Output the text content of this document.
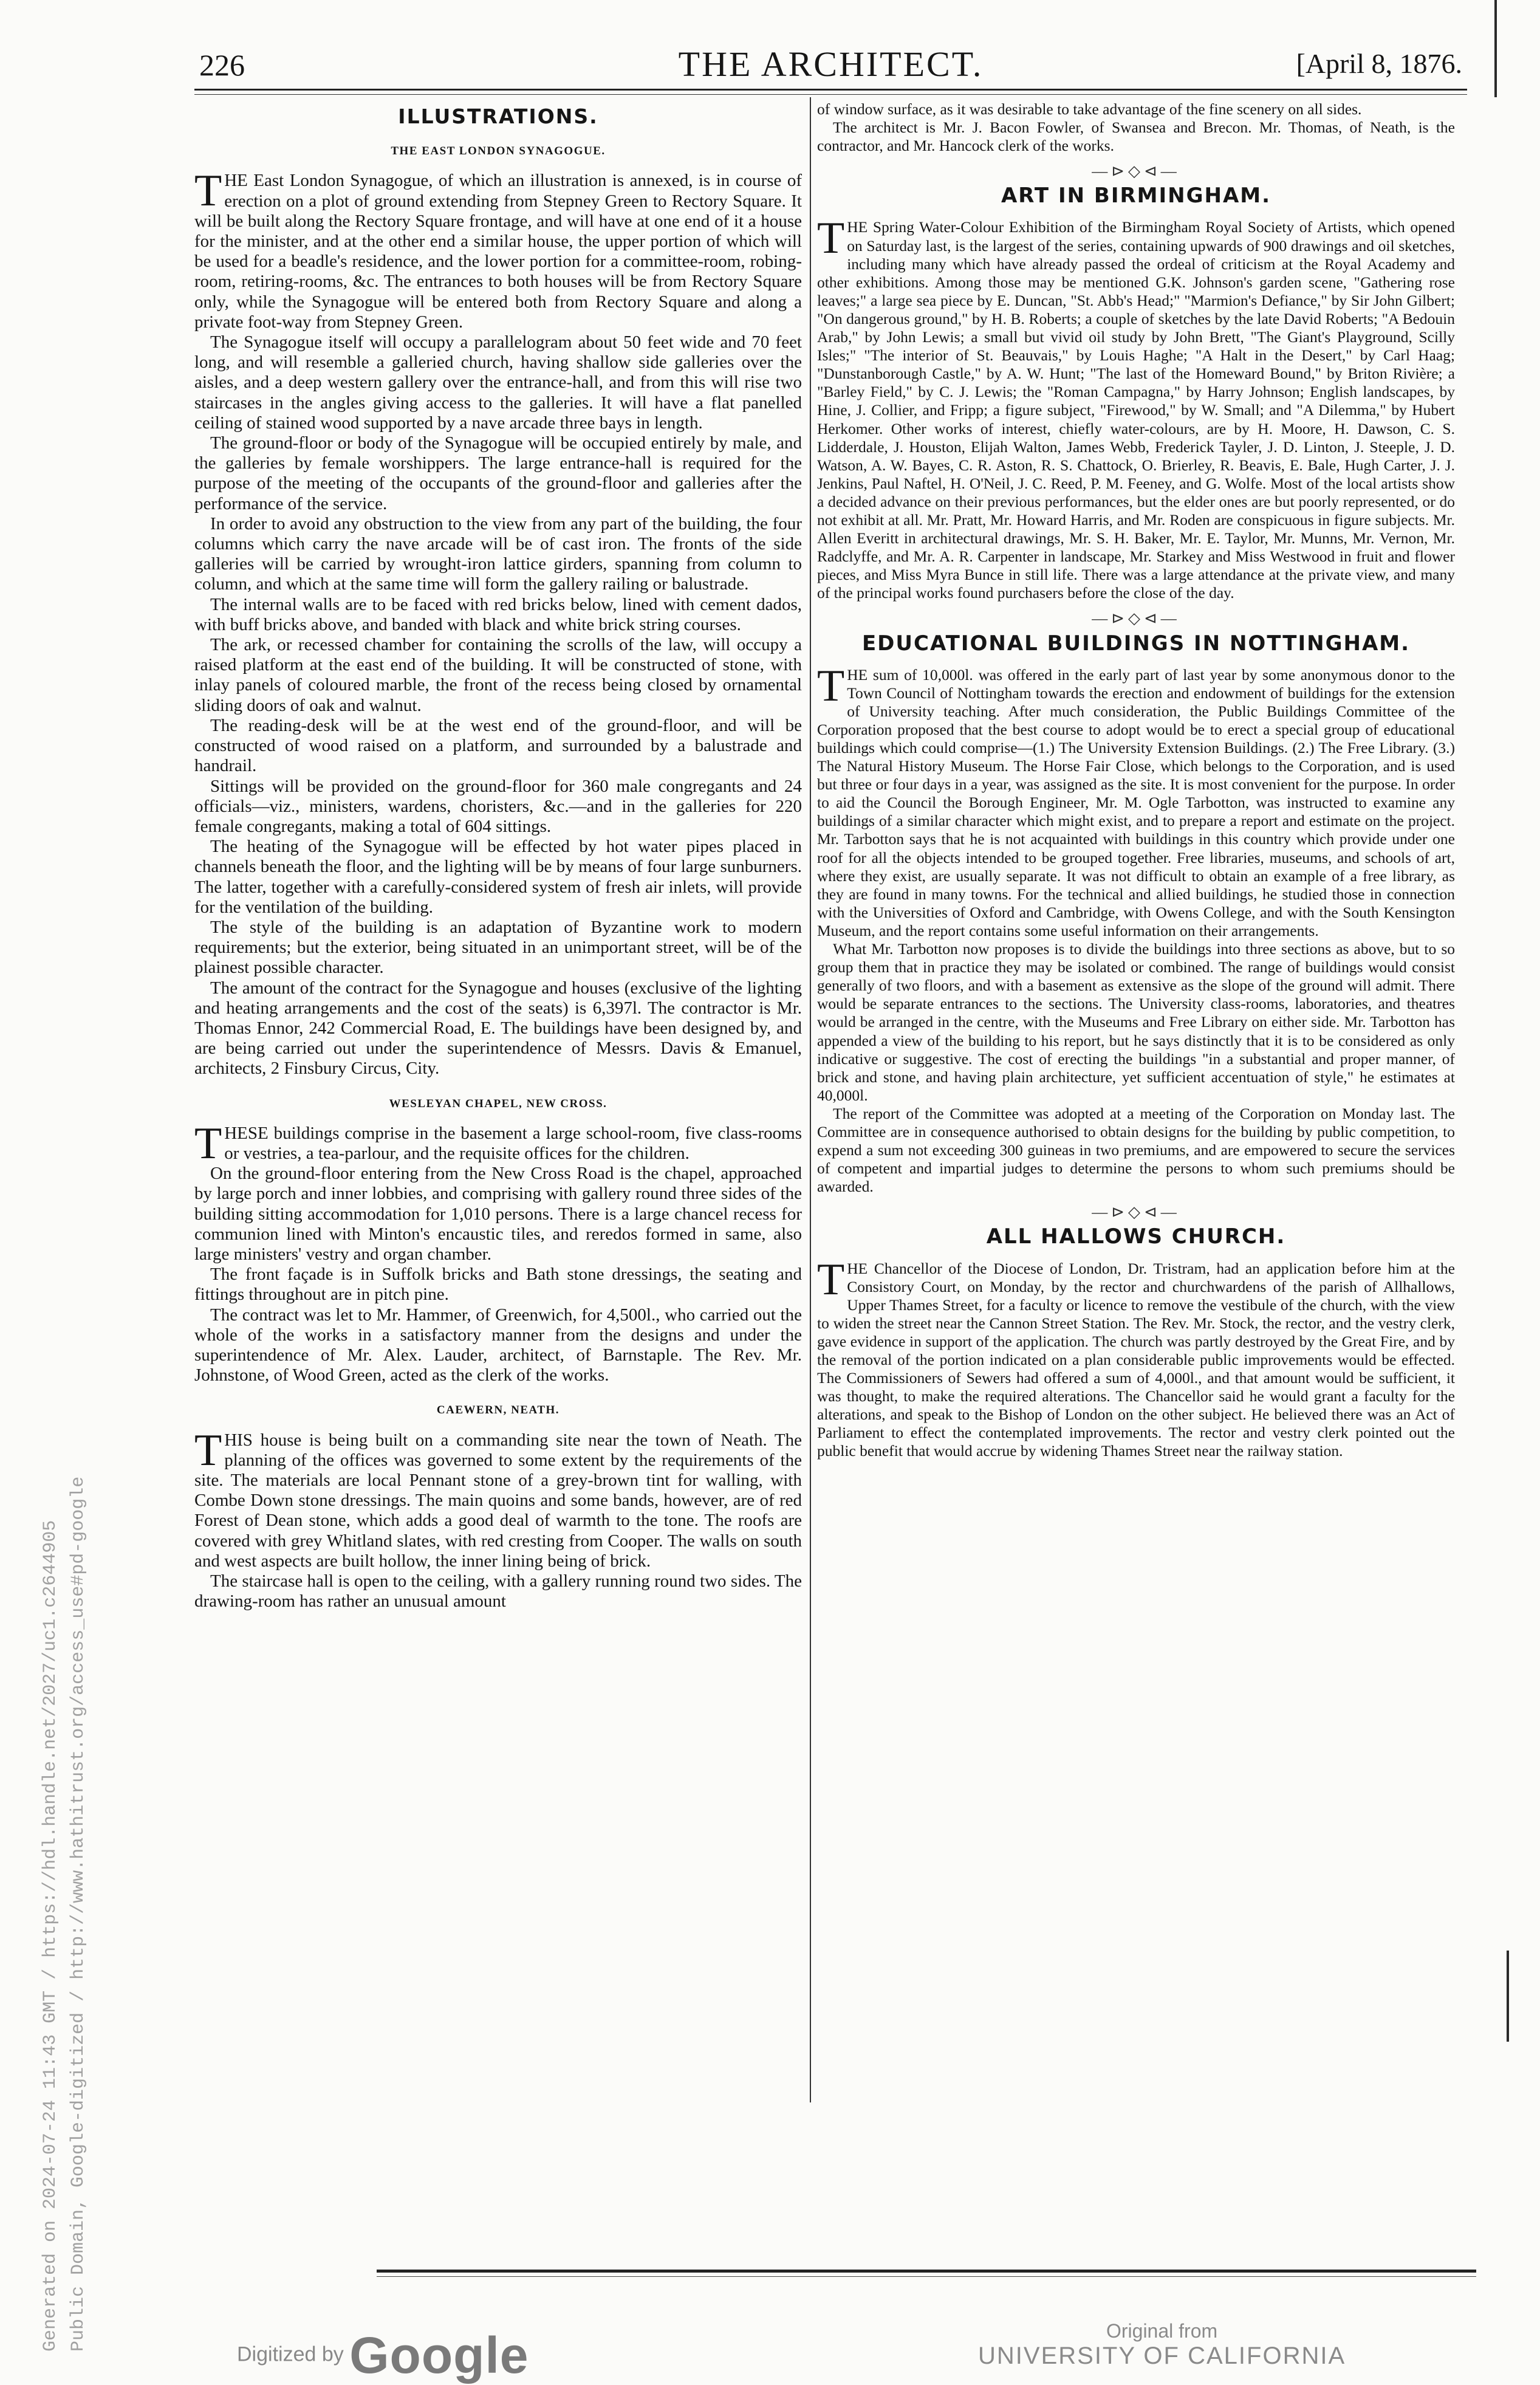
226	THE ARCHITECT.	[April 8, 1876.
ILLUSTRATIONS.
THE EAST LONDON SYNAGOGUE.

THE East London Synagogue, of which an illustration is annexed, is in course of erection on a plot of ground extending from Stepney Green to Rectory Square. It will be built along the Rectory Square frontage, and will have at one end of it a house for the minister, and at the other end a similar house, the upper portion of which will be used for a beadle's residence, and the lower portion for a committee-room, robing-room, retiring-rooms, &c. The entrances to both houses will be from Rectory Square only, while the Synagogue will be entered both from Rectory Square and along a private foot-way from Stepney Green.

The Synagogue itself will occupy a parallelogram about 50 feet wide and 70 feet long, and will resemble a galleried church, having shallow side galleries over the aisles, and a deep western gallery over the entrance-hall, and from this will rise two staircases in the angles giving access to the galleries. It will have a flat panelled ceiling of stained wood supported by a nave arcade three bays in length.

The ground-floor or body of the Synagogue will be occupied entirely by male, and the galleries by female worshippers. The large entrance-hall is required for the purpose of the meeting of the occupants of the ground-floor and galleries after the performance of the service.

In order to avoid any obstruction to the view from any part of the building, the four columns which carry the nave arcade will be of cast iron. The fronts of the side galleries will be carried by wrought-iron lattice girders, spanning from column to column, and which at the same time will form the gallery railing or balustrade.

The internal walls are to be faced with red bricks below, lined with cement dados, with buff bricks above, and banded with black and white brick string courses.

The ark, or recessed chamber for containing the scrolls of the law, will occupy a raised platform at the east end of the building. It will be constructed of stone, with inlay panels of coloured marble, the front of the recess being closed by ornamental sliding doors of oak and walnut.

The reading-desk will be at the west end of the ground-floor, and will be constructed of wood raised on a platform, and surrounded by a balustrade and handrail.

Sittings will be provided on the ground-floor for 360 male congregants and 24 officials—viz., ministers, wardens, choristers, &c.—and in the galleries for 220 female congregants, making a total of 604 sittings.

The heating of the Synagogue will be effected by hot water pipes placed in channels beneath the floor, and the lighting will be by means of four large sunburners. The latter, together with a carefully-considered system of fresh air inlets, will provide for the ventilation of the building.

The style of the building is an adaptation of Byzantine work to modern requirements; but the exterior, being situated in an unimportant street, will be of the plainest possible character.

The amount of the contract for the Synagogue and houses (exclusive of the lighting and heating arrangements and the cost of the seats) is 6,397l. The contractor is Mr. Thomas Ennor, 242 Commercial Road, E. The buildings have been designed by, and are being carried out under the superintendence of Messrs. Davis & Emanuel, architects, 2 Finsbury Circus, City.

WESLEYAN CHAPEL, NEW CROSS.

THESE buildings comprise in the basement a large school-room, five class-rooms or vestries, a tea-parlour, and the requisite offices for the children.

On the ground-floor entering from the New Cross Road is the chapel, approached by large porch and inner lobbies, and comprising with gallery round three sides of the building sitting accommodation for 1,010 persons. There is a large chancel recess for communion lined with Minton's encaustic tiles, and reredos formed in same, also large ministers' vestry and organ chamber.

The front façade is in Suffolk bricks and Bath stone dressings, the seating and fittings throughout are in pitch pine.

The contract was let to Mr. Hammer, of Greenwich, for 4,500l., who carried out the whole of the works in a satisfactory manner from the designs and under the superintendence of Mr. Alex. Lauder, architect, of Barnstaple. The Rev. Mr. Johnstone, of Wood Green, acted as the clerk of the works.

CAEWERN, NEATH.

THIS house is being built on a commanding site near the town of Neath. The planning of the offices was governed to some extent by the requirements of the site. The materials are local Pennant stone of a grey-brown tint for walling, with Combe Down stone dressings. The main quoins and some bands, however, are of red Forest of Dean stone, which adds a good deal of warmth to the tone. The roofs are covered with grey Whitland slates, with red cresting from Cooper. The walls on south and west aspects are built hollow, the inner lining being of brick.

The staircase hall is open to the ceiling, with a gallery running round two sides. The drawing-room has rather an unusual amount

of window surface, as it was desirable to take advantage of the fine scenery on all sides.

The architect is Mr. J. Bacon Fowler, of Swansea and Brecon. Mr. Thomas, of Neath, is the contractor, and Mr. Hancock clerk of the works.

—⊳◇⊲—
ART IN BIRMINGHAM.

THE Spring Water-Colour Exhibition of the Birmingham Royal Society of Artists, which opened on Saturday last, is the largest of the series, containing upwards of 900 drawings and oil sketches, including many which have already passed the ordeal of criticism at the Royal Academy and other exhibitions. Among those may be mentioned G.K. Johnson's garden scene, "Gathering rose leaves;" a large sea piece by E. Duncan, "St. Abb's Head;" "Marmion's Defiance," by Sir John Gilbert; "On dangerous ground," by H. B. Roberts; a couple of sketches by the late David Roberts; "A Bedouin Arab," by John Lewis; a small but vivid oil study by John Brett, "The Giant's Playground, Scilly Isles;" "The interior of St. Beauvais," by Louis Haghe; "A Halt in the Desert," by Carl Haag; "Dunstanborough Castle," by A. W. Hunt; "The last of the Homeward Bound," by Briton Rivière; a "Barley Field," by C. J. Lewis; the "Roman Campagna," by Harry Johnson; English landscapes, by Hine, J. Collier, and Fripp; a figure subject, "Firewood," by W. Small; and "A Dilemma," by Hubert Herkomer. Other works of interest, chiefly water-colours, are by H. Moore, H. Dawson, C. S. Lidderdale, J. Houston, Elijah Walton, James Webb, Frederick Tayler, J. D. Linton, J. Steeple, J. D. Watson, A. W. Bayes, C. R. Aston, R. S. Chattock, O. Brierley, R. Beavis, E. Bale, Hugh Carter, J. J. Jenkins, Paul Naftel, H. O'Neil, J. C. Reed, P. M. Feeney, and G. Wolfe. Most of the local artists show a decided advance on their previous performances, but the elder ones are but poorly represented, or do not exhibit at all. Mr. Pratt, Mr. Howard Harris, and Mr. Roden are conspicuous in figure subjects. Mr. Allen Everitt in architectural drawings, Mr. S. H. Baker, Mr. E. Taylor, Mr. Munns, Mr. Vernon, Mr. Radclyffe, and Mr. A. R. Carpenter in landscape, Mr. Starkey and Miss Westwood in fruit and flower pieces, and Miss Myra Bunce in still life. There was a large attendance at the private view, and many of the principal works found purchasers before the close of the day.

—⊳◇⊲—
EDUCATIONAL BUILDINGS IN NOTTINGHAM.

THE sum of 10,000l. was offered in the early part of last year by some anonymous donor to the Town Council of Nottingham towards the erection and endowment of buildings for the extension of University teaching. After much consideration, the Public Buildings Committee of the Corporation proposed that the best course to adopt would be to erect a special group of educational buildings which could comprise—(1.) The University Extension Buildings. (2.) The Free Library. (3.) The Natural History Museum. The Horse Fair Close, which belongs to the Corporation, and is used but three or four days in a year, was assigned as the site. It is most convenient for the purpose. In order to aid the Council the Borough Engineer, Mr. M. Ogle Tarbotton, was instructed to examine any buildings of a similar character which might exist, and to prepare a report and estimate on the project. Mr. Tarbotton says that he is not acquainted with buildings in this country which provide under one roof for all the objects intended to be grouped together. Free libraries, museums, and schools of art, where they exist, are usually separate. It was not difficult to obtain an example of a free library, as they are found in many towns. For the technical and allied buildings, he studied those in connection with the Universities of Oxford and Cambridge, with Owens College, and with the South Kensington Museum, and the report contains some useful information on their arrangements.

What Mr. Tarbotton now proposes is to divide the buildings into three sections as above, but to so group them that in practice they may be isolated or combined. The range of buildings would consist generally of two floors, and with a basement as extensive as the slope of the ground will admit. There would be separate entrances to the sections. The University class-rooms, laboratories, and theatres would be arranged in the centre, with the Museums and Free Library on either side. Mr. Tarbotton has appended a view of the building to his report, but he says distinctly that it is to be considered as only indicative or suggestive. The cost of erecting the buildings "in a substantial and proper manner, of brick and stone, and having plain architecture, yet sufficient accentuation of style," he estimates at 40,000l.

The report of the Committee was adopted at a meeting of the Corporation on Monday last. The Committee are in consequence authorised to obtain designs for the building by public competition, to expend a sum not exceeding 300 guineas in two premiums, and are empowered to secure the services of competent and impartial judges to determine the persons to whom such premiums should be awarded.

—⊳◇⊲—
ALL HALLOWS CHURCH.

THE Chancellor of the Diocese of London, Dr. Tristram, had an application before him at the Consistory Court, on Monday, by the rector and churchwardens of the parish of Allhallows, Upper Thames Street, for a faculty or licence to remove the vestibule of the church, with the view to widen the street near the Cannon Street Station. The Rev. Mr. Stock, the rector, and the vestry clerk, gave evidence in support of the application. The church was partly destroyed by the Great Fire, and by the removal of the portion indicated on a plan considerable public improvements would be effected. The Commissioners of Sewers had offered a sum of 4,000l., and that amount would be sufficient, it was thought, to make the required alterations. The Chancellor said he would grant a faculty for the alterations, and speak to the Bishop of London on the other subject. He believed there was an Act of Parliament to effect the contemplated improvements. The rector and vestry clerk pointed out the public benefit that would accrue by widening Thames Street near the railway station.

Digitized by Google	Original from
UNIVERSITY OF CALIFORNIA
Generated on 2024-07-24 11:43 GMT / https://hdl.handle.net/2027/uc1.c2644905 Public Domain, Google-digitized / http://www.hathitrust.org/access_use#pd-google
